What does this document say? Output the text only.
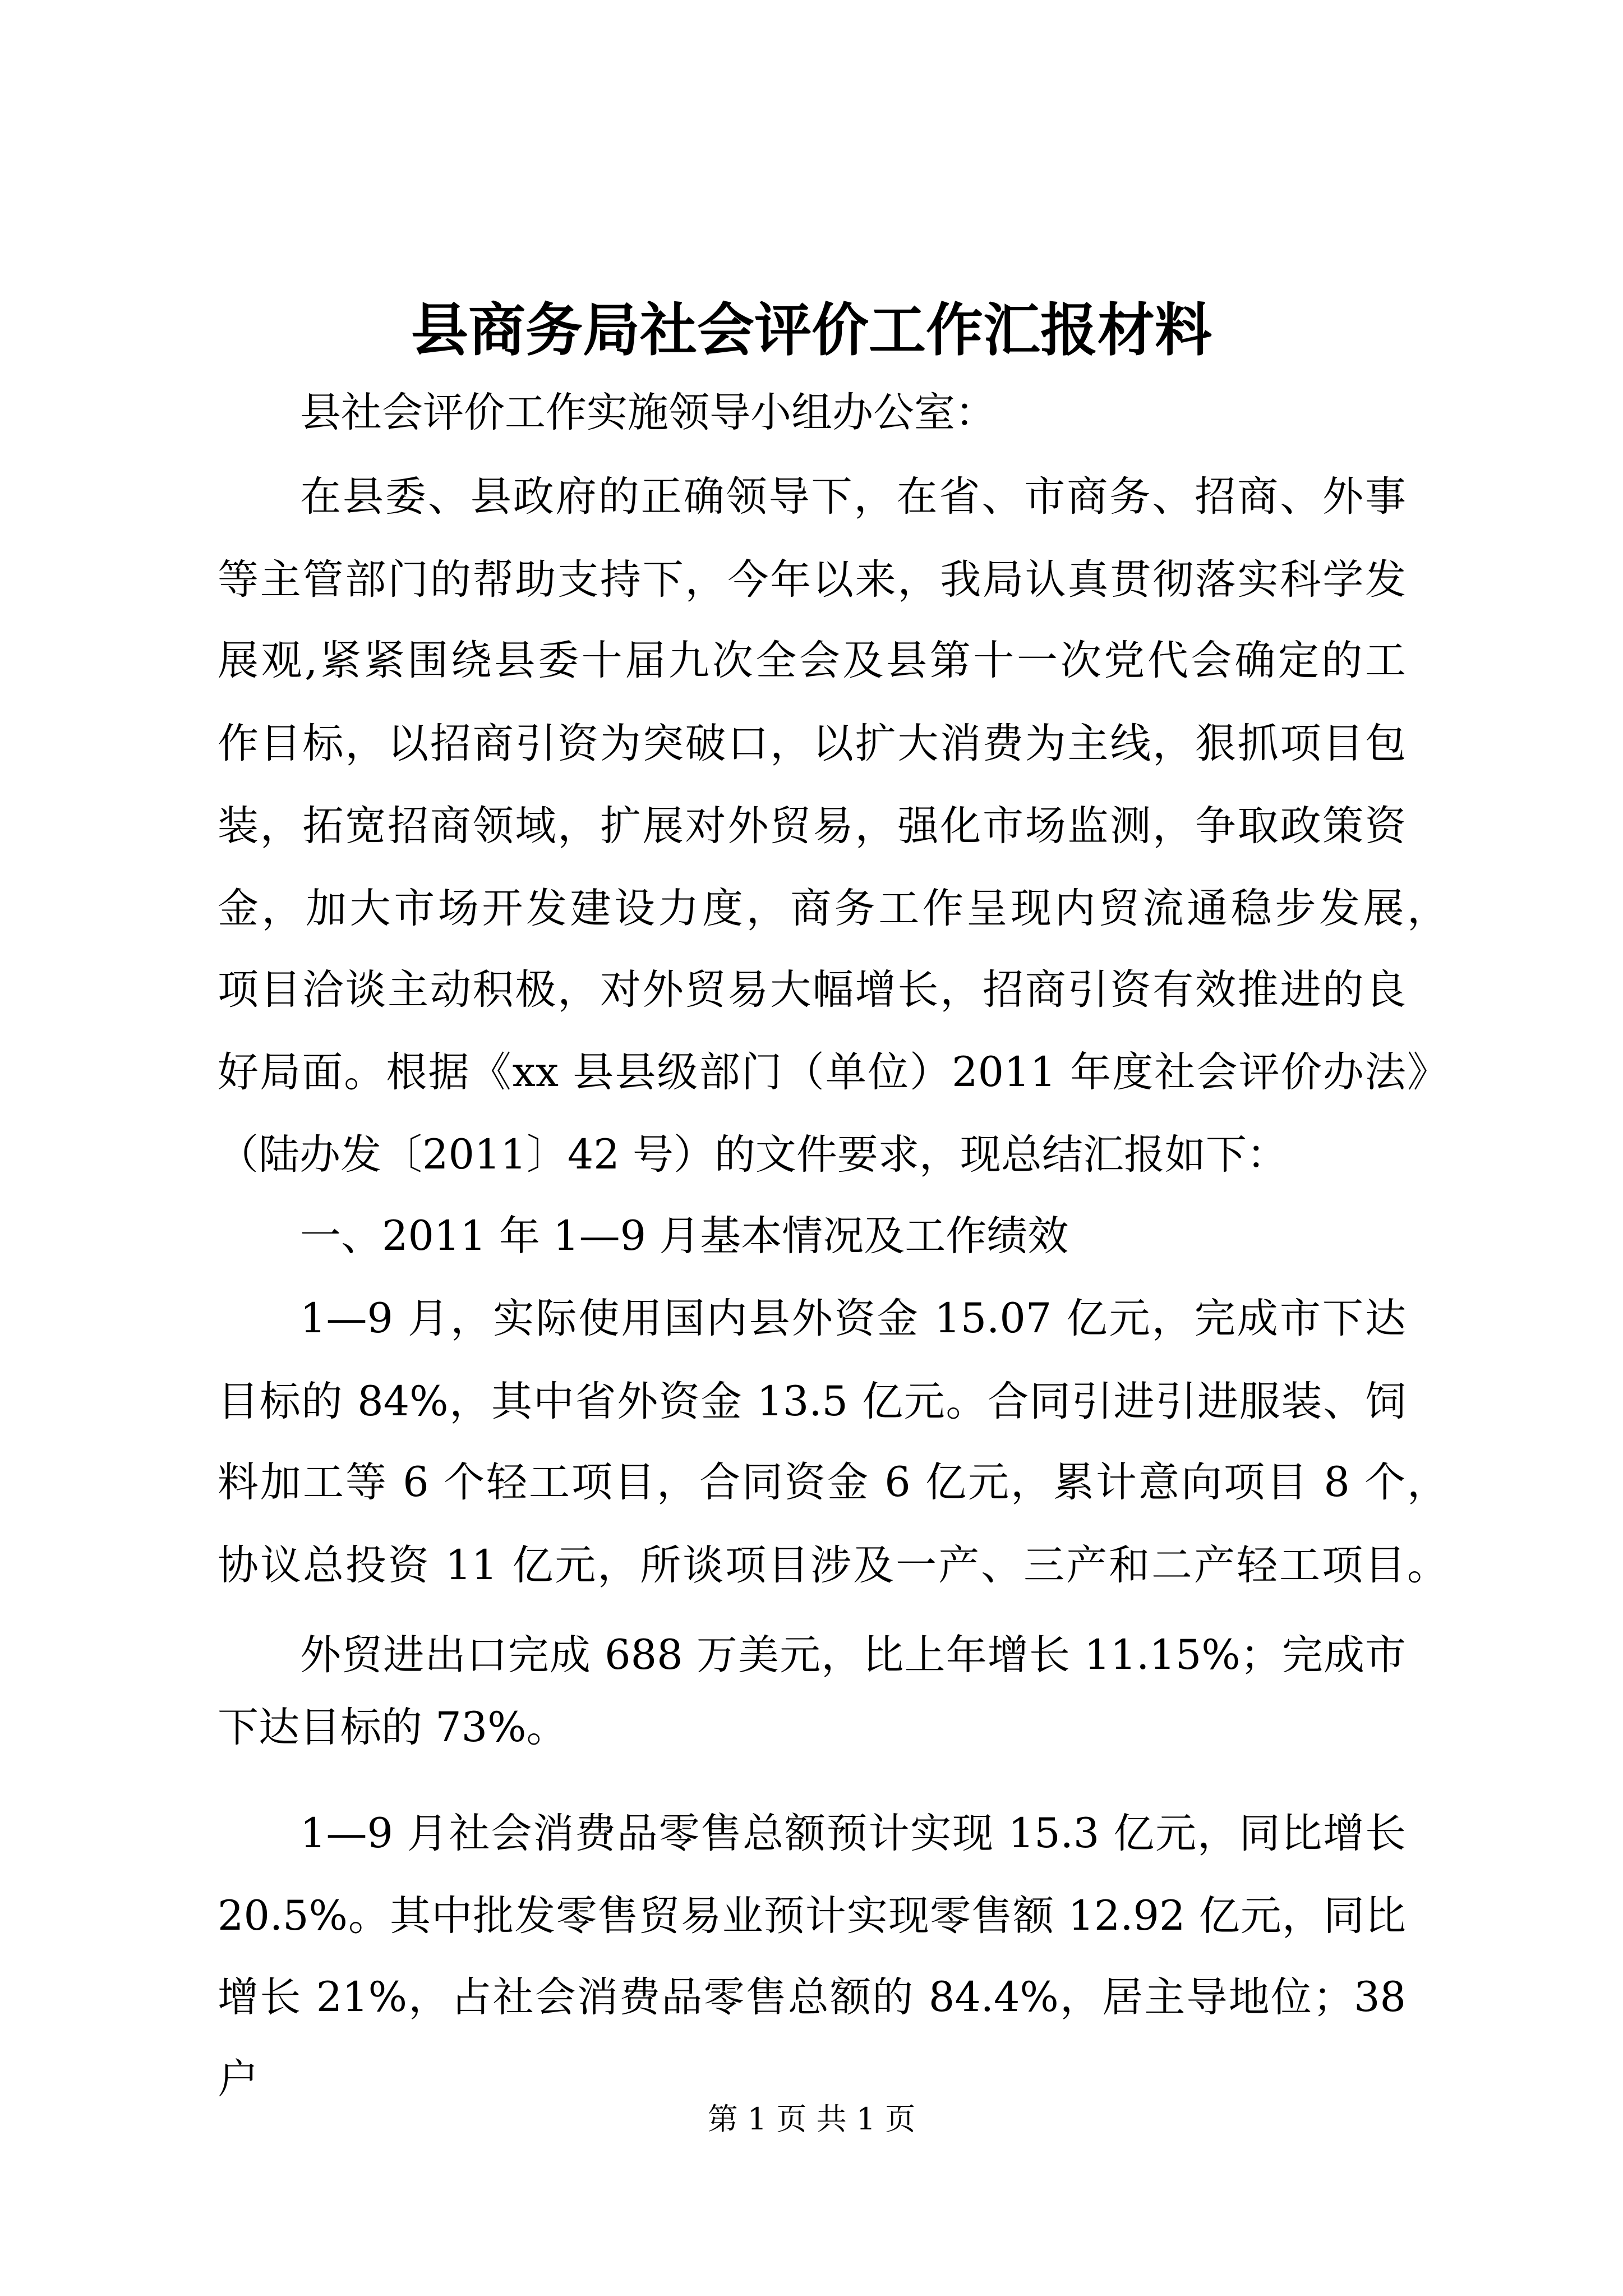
县商务局社会评价工作汇报材料
县社会评价工作实施领导小组办公室：
在县委、县政府的正确领导下，在省、市商务、招商、外事
等主管部门的帮助支持下，今年以来，我局认真贯彻落实科学发
展观,紧紧围绕县委十届九次全会及县第十一次党代会确定的工
作目标，以招商引资为突破口，以扩大消费为主线，狠抓项目包
装，拓宽招商领域，扩展对外贸易，强化市场监测，争取政策资
金，加大市场开发建设力度，商务工作呈现内贸流通稳步发展，
项目洽谈主动积极，对外贸易大幅增长，招商引资有效推进的良
好局面。根据《xx 县县级部门（单位）2011 年度社会评价办法》
（陆办发〔2011〕42 号）的文件要求，现总结汇报如下：
一、2011 年 1—9 月基本情况及工作绩效
1—9 月，实际使用国内县外资金 15.07 亿元，完成市下达
目标的 84%，其中省外资金 13.5 亿元。合同引进引进服装、饲
料加工等 6 个轻工项目，合同资金 6 亿元，累计意向项目 8 个，
协议总投资 11 亿元，所谈项目涉及一产、三产和二产轻工项目。
外贸进出口完成 688 万美元，比上年增长 11.15%；完成市
下达目标的 73%。
1—9 月社会消费品零售总额预计实现 15.3 亿元，同比增长
20.5%。其中批发零售贸易业预计实现零售额 12.92 亿元，同比
增长 21%，占社会消费品零售总额的 84.4%，居主导地位；38 户
第 1 页 共 1 页
